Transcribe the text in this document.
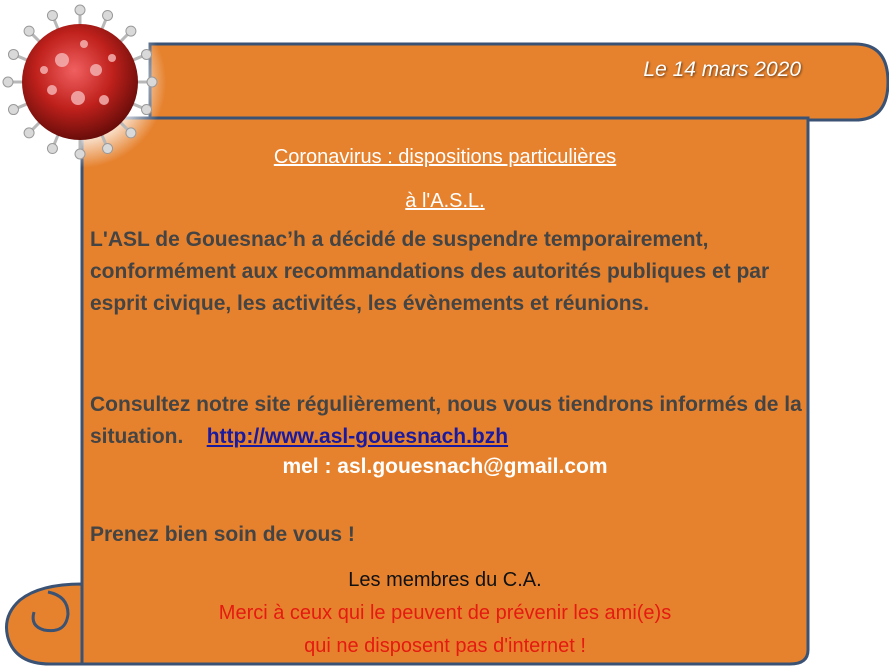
Le 14 mars 2020
Coronavirus : dispositions particulières
à l'A.S.L.
L'ASL de Gouesnac’h a décidé de suspendre temporairement, conformément aux recommandations des autorités publiques et par esprit civique, les activités, les évènements et réunions.
Consultez notre site régulièrement, nous vous tiendrons informés de la situation. http://www.asl-gouesnach.bzh
mel : asl.gouesnach@gmail.com
Prenez bien soin de vous !
Les membres du C.A.
Merci à ceux qui le peuvent de prévenir les ami(e)s
qui ne disposent pas d'internet !
